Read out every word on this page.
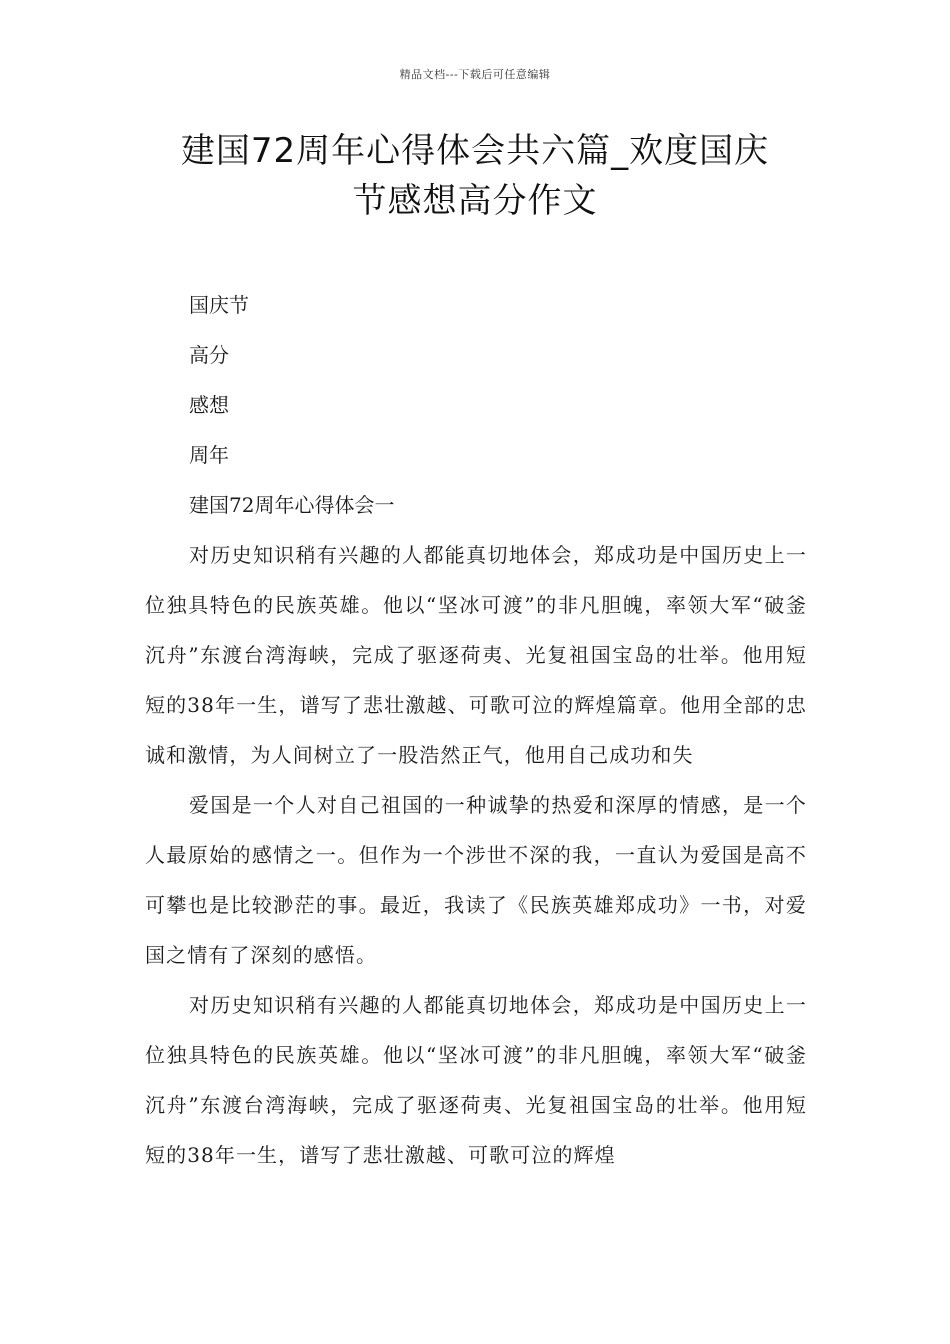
精品文档---下载后可任意编辑
建国72周年心得体会共六篇_欢度国庆
节感想高分作文

国庆节

高分

感想

周年

建国72周年心得体会一

对历史知识稍有兴趣的人都能真切地体会，郑成功是中国历史上一位独具特色的民族英雄。他以“坚冰可渡”的非凡胆魄，率领大军“破釜沉舟”东渡台湾海峡，完成了驱逐荷夷、光复祖国宝岛的壮举。他用短短的38年一生，谱写了悲壮激越、可歌可泣的辉煌篇章。他用全部的忠诚和激情，为人间树立了一股浩然正气，他用自己成功和失

爱国是一个人对自己祖国的一种诚挚的热爱和深厚的情感，是一个人最原始的感情之一。但作为一个涉世不深的我，一直认为爱国是高不可攀也是比较渺茫的事。最近，我读了《民族英雄郑成功》一书，对爱国之情有了深刻的感悟。

对历史知识稍有兴趣的人都能真切地体会，郑成功是中国历史上一位独具特色的民族英雄。他以“坚冰可渡”的非凡胆魄，率领大军“破釜沉舟”东渡台湾海峡，完成了驱逐荷夷、光复祖国宝岛的壮举。他用短短的38年一生，谱写了悲壮激越、可歌可泣的辉煌
